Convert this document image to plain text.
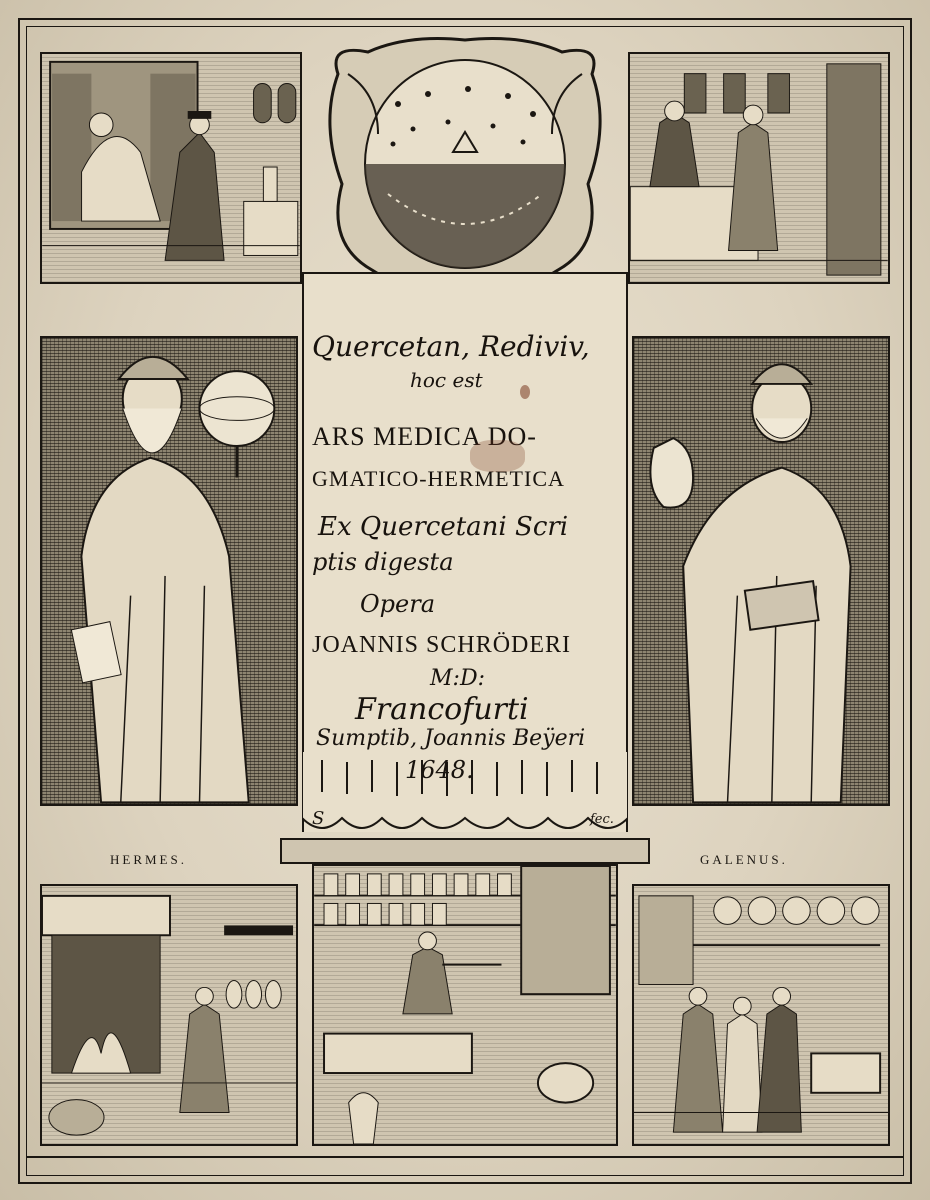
HERMES.	GALENUS.
Quercetan, Rediviv,
hoc est
ARS MEDICA DO-
GMATICO-HERMETICA
Ex Quercetani Scri
ptis digesta
Opera
JOANNIS SCHRÖDERI
M:D:
Francofurti
Sumptib, Joannis Beÿeri
1648.
S	fec.
